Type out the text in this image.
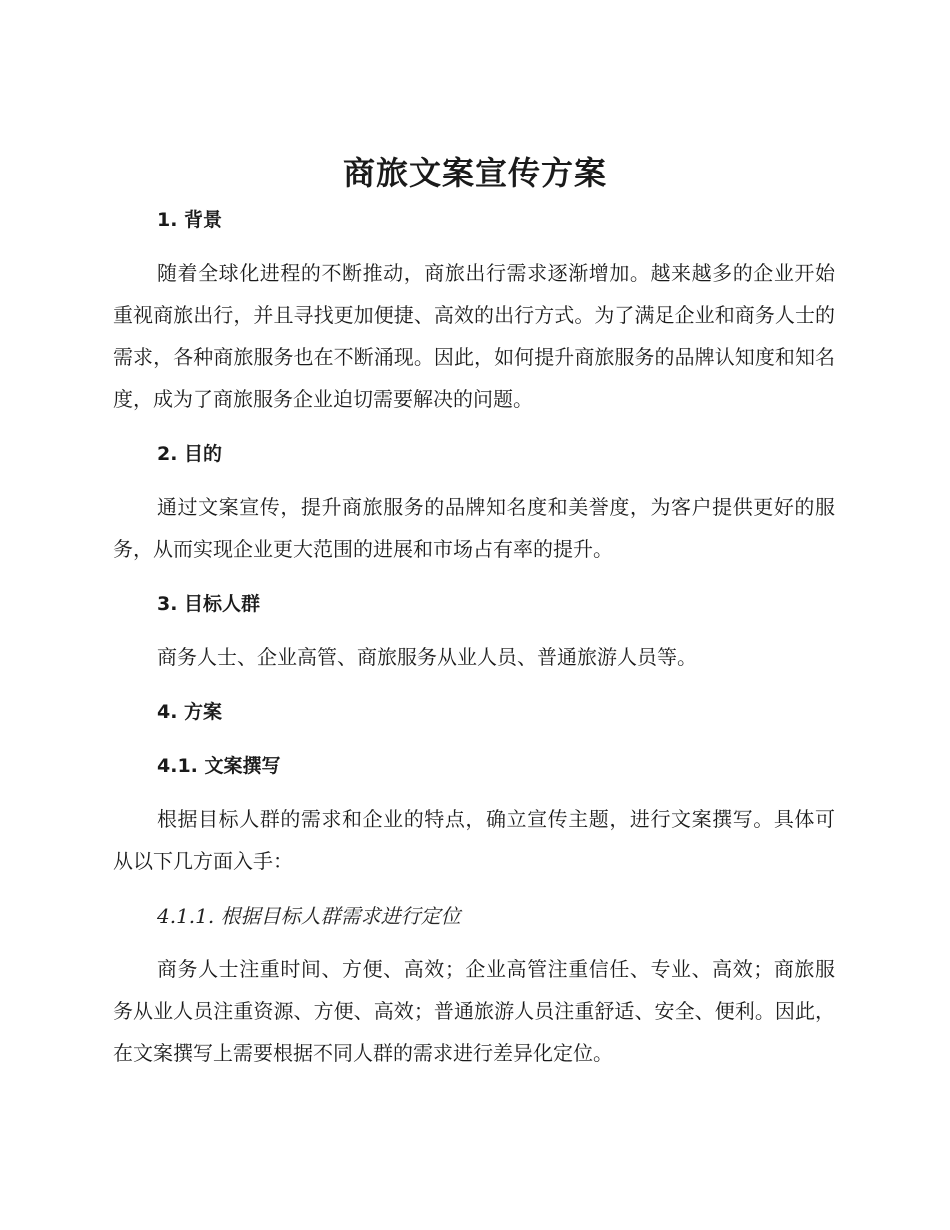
商旅文案宣传方案
1. 背景

随着全球化进程的不断推动，商旅出行需求逐渐增加。越来越多的企业开始重视商旅出行，并且寻找更加便捷、高效的出行方式。为了满足企业和商务人士的需求，各种商旅服务也在不断涌现。因此，如何提升商旅服务的品牌认知度和知名度，成为了商旅服务企业迫切需要解决的问题。

2. 目的

通过文案宣传，提升商旅服务的品牌知名度和美誉度，为客户提供更好的服务，从而实现企业更大范围的进展和市场占有率的提升。

3. 目标人群

商务人士、企业高管、商旅服务从业人员、普通旅游人员等。

4. 方案
4.1. 文案撰写

根据目标人群的需求和企业的特点，确立宣传主题，进行文案撰写。具体可从以下几方面入手：

4.1.1. 根据目标人群需求进行定位

商务人士注重时间、方便、高效；企业高管注重信任、专业、高效；商旅服务从业人员注重资源、方便、高效；普通旅游人员注重舒适、安全、便利。因此，在文案撰写上需要根据不同人群的需求进行差异化定位。
